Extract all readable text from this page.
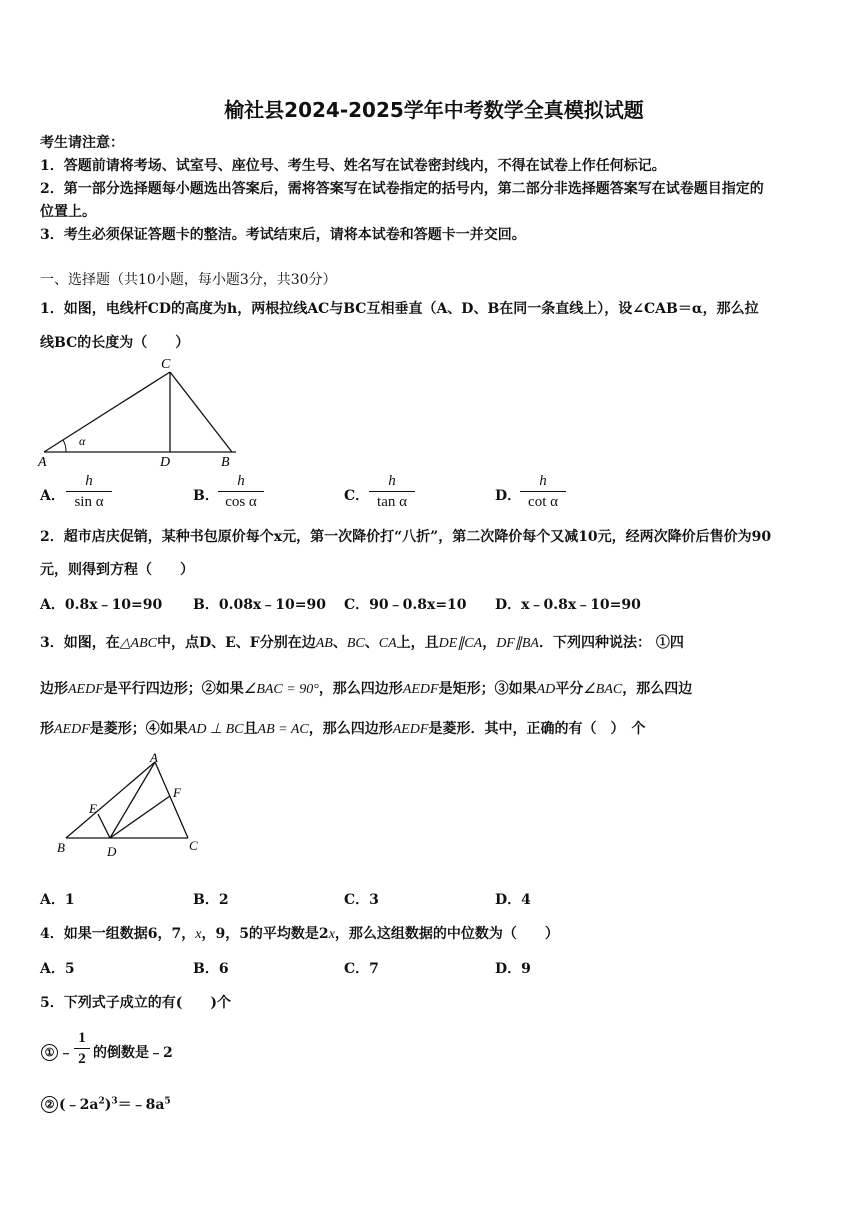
榆社县2024-2025学年中考数学全真模拟试题
考生请注意：
1．答题前请将考场、试室号、座位号、考生号、姓名写在试卷密封线内，不得在试卷上作任何标记。
2．第一部分选择题每小题选出答案后，需将答案写在试卷指定的括号内，第二部分非选择题答案写在试卷题目指定的
位置上。
3．考生必须保证答题卡的整洁。考试结束后，请将本试卷和答题卡一并交回。
一、选择题（共10小题，每小题3分，共30分）
1．如图，电线杆CD的高度为h，两根拉线AC与BC互相垂直（A、D、B在同一条直线上），设∠CAB＝α，那么拉
线BC的长度为（　　）
α
A
C
D	B
A．
h
sin α	B．
h
cos α	C．
h
tan α	D．
h
cot α
2．超市店庆促销，某种书包原价每个x元，第一次降价打“八折”，第二次降价每个又减10元，经两次降价后售价为90
元，则得到方程（　　）
A．0.8x﹣10=90 B．0.08x﹣10=90 C．90﹣0.8x=10 D．x﹣0.8x﹣10=90
3．如图，在△ABC中，点D、E、F分别在边AB、BC、CA上，且DE∥CA，DF∥BA．下列四种说法： ①四
边形AEDF是平行四边形；②如果∠BAC = 90°，那么四边形AEDF是矩形；③如果AD平分∠BAC，那么四边
形AEDF是菱形；④如果AD ⊥ BC且AB = AC，那么四边形AEDF是菱形．其中，正确的有（　）　个
A
B	C
D
E
F
A．1	B．2	C．3	D．4
4．如果一组数据6，7，x，9，5的平均数是2x，那么这组数据的中位数为（　　）
A．5	B．6	C．7	D．9
5．下列式子成立的有(　　)个
① ﹣
1
2 的倒数是﹣2
② $(﹣2a^2)^3=﹣8a^5$
